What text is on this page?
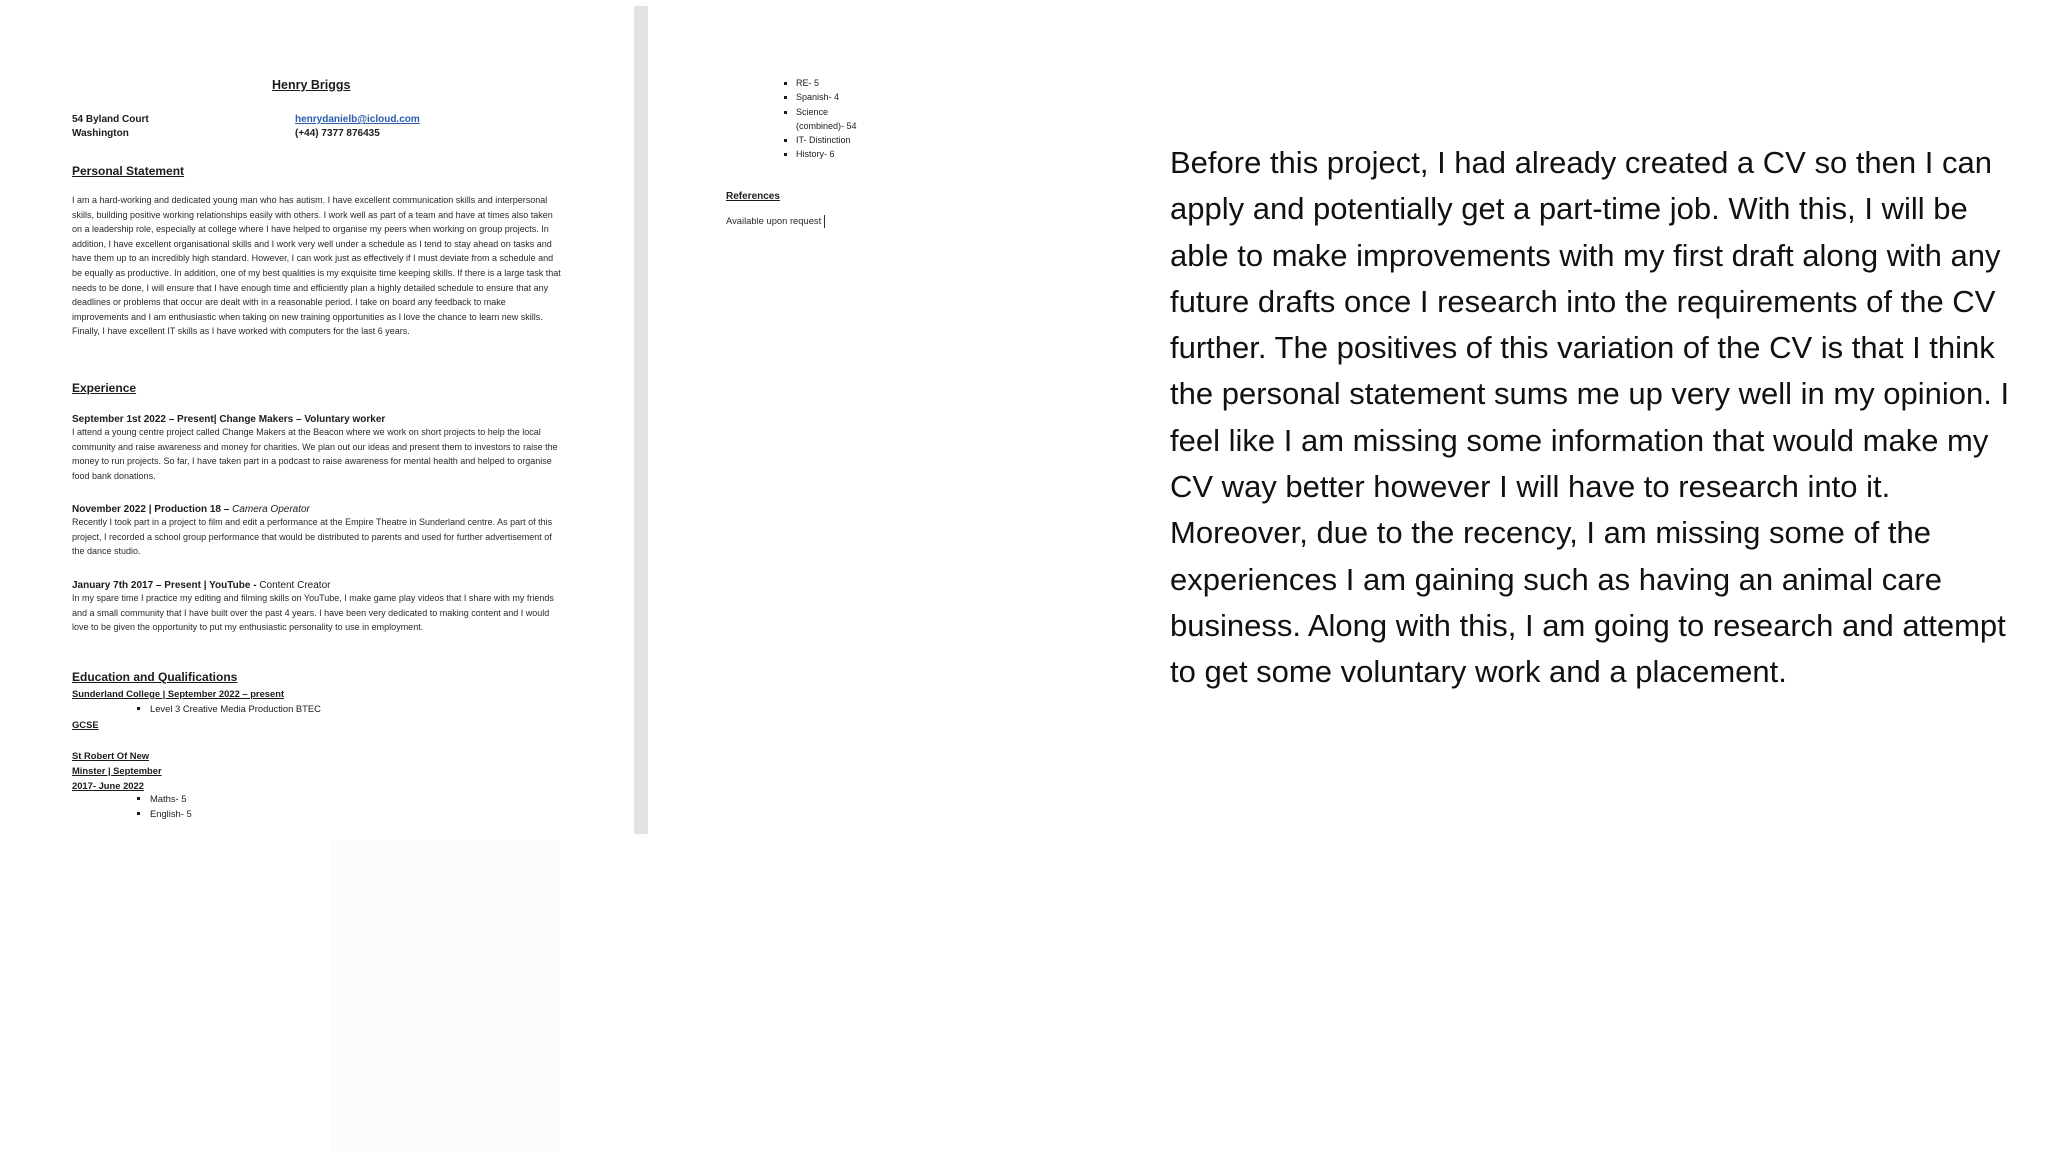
Henry Briggs
54 Byland Court
Washington
henrydanielb@icloud.com
(+44) 7377 876435
Personal Statement
I am a hard-working and dedicated young man who has autism. I have excellent communication skills and interpersonal skills, building positive working relationships easily with others. I work well as part of a team and have at times also taken on a leadership role, especially at college where I have helped to organise my peers when working on group projects. In addition, I have excellent organisational skills and I work very well under a schedule as I tend to stay ahead on tasks and have them up to an incredibly high standard. However, I can work just as effectively if I must deviate from a schedule and be equally as productive. In addition, one of my best qualities is my exquisite time keeping skills. If there is a large task that needs to be done, I will ensure that I have enough time and efficiently plan a highly detailed schedule to ensure that any deadlines or problems that occur are dealt with in a reasonable period. I take on board any feedback to make improvements and I am enthusiastic when taking on new training opportunities as I love the chance to learn new skills. Finally, I have excellent IT skills as I have worked with computers for the last 6 years.
Experience
September 1st 2022 – Present| Change Makers – Voluntary worker
I attend a young centre project called Change Makers at the Beacon where we work on short projects to help the local community and raise awareness and money for charities. We plan out our ideas and present them to investors to raise the money to run projects. So far, I have taken part in a podcast to raise awareness for mental health and helped to organise food bank donations.
November 2022 | Production 18 – Camera Operator
Recently I took part in a project to film and edit a performance at the Empire Theatre in Sunderland centre. As part of this project, I recorded a school group performance that would be distributed to parents and used for further advertisement of the dance studio.
January 7th 2017 – Present | YouTube - Content Creator
In my spare time I practice my editing and filming skills on YouTube, I make game play videos that I share with my friends and a small community that I have built over the past 4 years. I have been very dedicated to making content and I would love to be given the opportunity to put my enthusiastic personality to use in employment.
Education and Qualifications
Sunderland College | September 2022 – present
▪ Level 3 Creative Media Production BTEC
GCSE
St Robert Of New
Minster | September
2017- June 2022
▪ Maths- 5
▪ English- 5
▪ RE- 5
▪ Spanish- 4
▪ Science (combined)- 54
▪ IT- Distinction
▪ History- 6
References
Available upon request
Before this project, I had already created a CV so then I can apply and potentially get a part-time job. With this, I will be able to make improvements with my first draft along with any future drafts once I research into the requirements of the CV further. The positives of this variation of the CV is that I think the personal statement sums me up very well in my opinion. I feel like I am missing some information that would make my CV way better however I will have to research into it. Moreover, due to the recency, I am missing some of the experiences I am gaining such as having an animal care business. Along with this, I am going to research and attempt to get some voluntary work and a placement.
